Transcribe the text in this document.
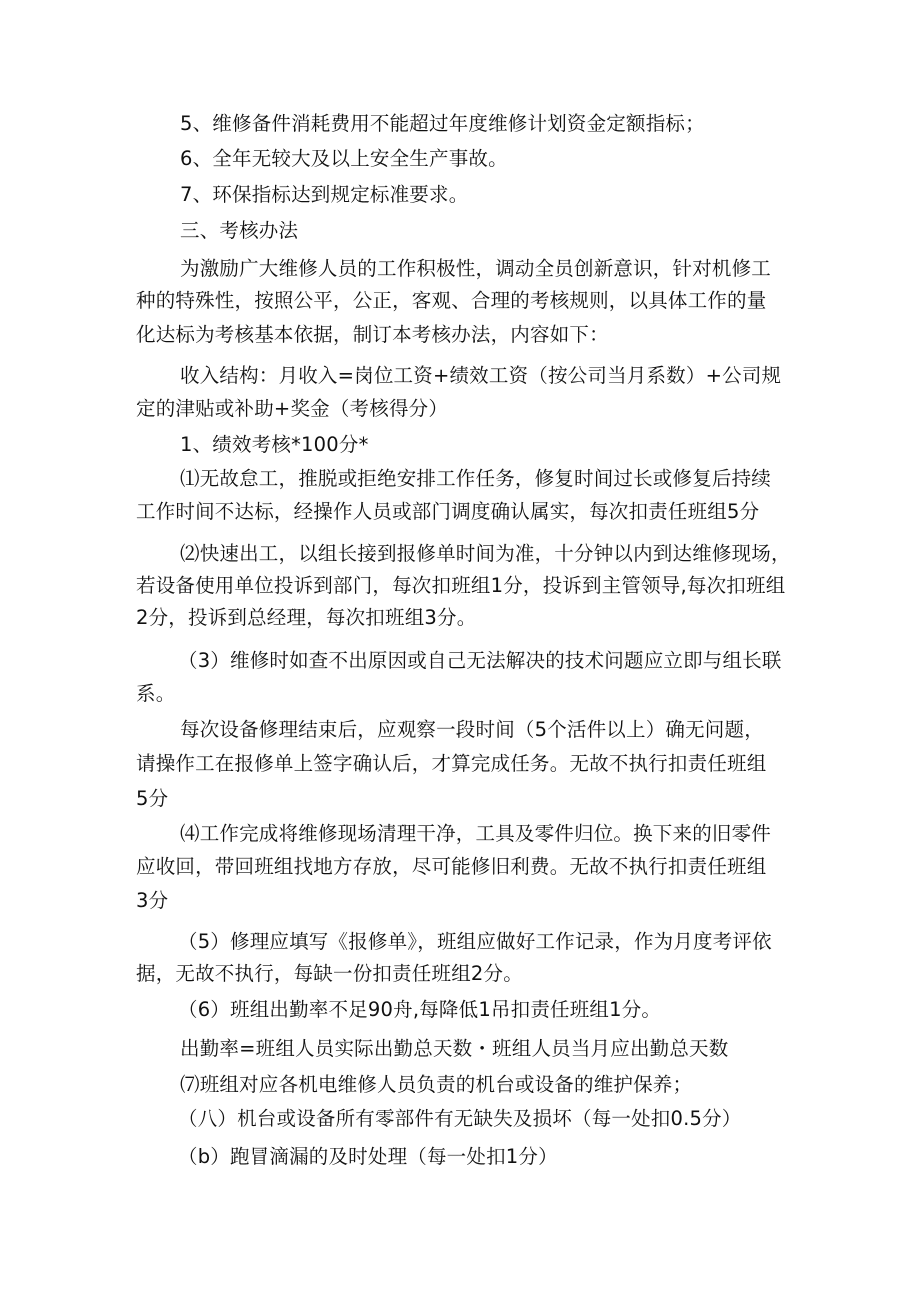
5、维修备件消耗费用不能超过年度维修计划资金定额指标；
6、全年无较大及以上安全生产事故。
7、环保指标达到规定标准要求。
三、考核办法
为激励广大维修人员的工作积极性，调动全员创新意识，针对机修工
种的特殊性，按照公平，公正，客观、合理的考核规则，以具体工作的量
化达标为考核基本依据，制订本考核办法，内容如下：
收入结构：月收入=岗位工资+绩效工资（按公司当月系数）+公司规
定的津贴或补助+奖金（考核得分）
1、绩效考核*100分*
⑴无故怠工，推脱或拒绝安排工作任务，修复时间过长或修复后持续
工作时间不达标，经操作人员或部门调度确认属实，每次扣责任班组5分
⑵快速出工，以组长接到报修单时间为准，十分钟以内到达维修现场，
若设备使用单位投诉到部门，每次扣班组1分，投诉到主管领导,每次扣班组
2分，投诉到总经理，每次扣班组3分。
（3）维修时如查不出原因或自己无法解决的技术问题应立即与组长联
系。
每次设备修理结束后，应观察一段时间（5个活件以上）确无问题，
请操作工在报修单上签字确认后，才算完成任务。无故不执行扣责任班组
5分
⑷工作完成将维修现场清理干净，工具及零件归位。换下来的旧零件
应收回，带回班组找地方存放，尽可能修旧利费。无故不执行扣责任班组
3分
（5）修理应填写《报修单》，班组应做好工作记录，作为月度考评依
据，无故不执行，每缺一份扣责任班组2分。
（6）班组出勤率不足90舟,每降低1吊扣责任班组1分。
出勤率=班组人员实际出勤总天数・班组人员当月应出勤总天数
⑺班组对应各机电维修人员负责的机台或设备的维护保养；
（八）机台或设备所有零部件有无缺失及损坏（每一处扣0.5分）
（b）跑冒滴漏的及时处理（每一处扣1分）
